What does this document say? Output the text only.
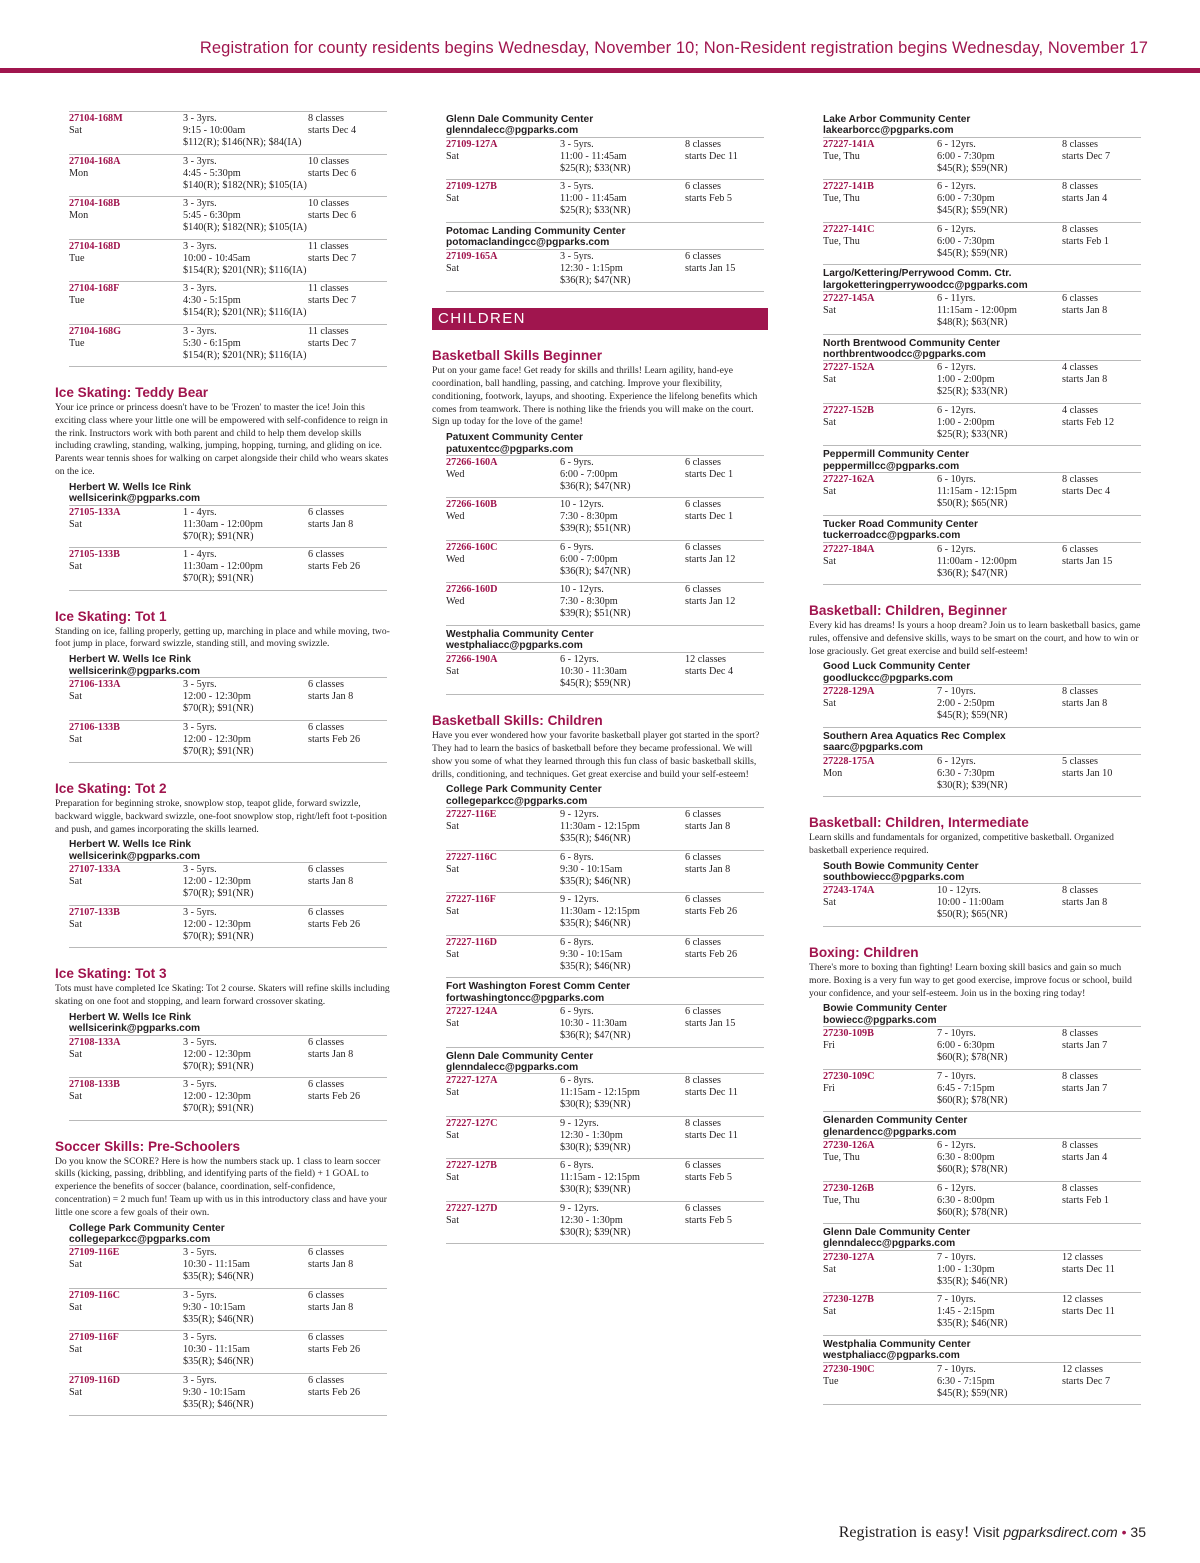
Registration for county residents begins Wednesday, November 10; Non-Resident registration begins Wednesday, November 17
27104-168M
Sat
3 - 3yrs.
9:15 - 10:00am
$112(R); $146(NR); $84(IA)
8 classes
starts Dec 4
27104-168A
Mon
3 - 3yrs.
4:45 - 5:30pm
$140(R); $182(NR); $105(IA)
10 classes
starts Dec 6
27104-168B
Mon
3 - 3yrs.
5:45 - 6:30pm
$140(R); $182(NR); $105(IA)
10 classes
starts Dec 6
27104-168D
Tue
3 - 3yrs.
10:00 - 10:45am
$154(R); $201(NR); $116(IA)
11 classes
starts Dec 7
27104-168F
Tue
3 - 3yrs.
4:30 - 5:15pm
$154(R); $201(NR); $116(IA)
11 classes
starts Dec 7
27104-168G
Tue
3 - 3yrs.
5:30 - 6:15pm
$154(R); $201(NR); $116(IA)
11 classes
starts Dec 7
Ice Skating: Teddy Bear

Your ice prince or princess doesn't have to be 'Frozen' to master the ice! Join this exciting class where your little one will be empowered with self-confidence to reign in the rink. Instructors work with both parent and child to help them develop skills including crawling, standing, walking, jumping, hopping, turning, and gliding on ice. Parents wear tennis shoes for walking on carpet alongside their child who wears skates on the ice.

Herbert W. Wells Ice Rink
wellsicerink@pgparks.com
27105-133A
Sat
1 - 4yrs.
11:30am - 12:00pm
$70(R); $91(NR)
6 classes
starts Jan 8
27105-133B
Sat
1 - 4yrs.
11:30am - 12:00pm
$70(R); $91(NR)
6 classes
starts Feb 26
Ice Skating: Tot 1

Standing on ice, falling properly, getting up, marching in place and while moving, two-foot jump in place, forward swizzle, standing still, and moving swizzle.

Herbert W. Wells Ice Rink
wellsicerink@pgparks.com
27106-133A
Sat
3 - 5yrs.
12:00 - 12:30pm
$70(R); $91(NR)
6 classes
starts Jan 8
27106-133B
Sat
3 - 5yrs.
12:00 - 12:30pm
$70(R); $91(NR)
6 classes
starts Feb 26
Ice Skating: Tot 2

Preparation for beginning stroke, snowplow stop, teapot glide, forward swizzle, backward wiggle, backward swizzle, one-foot snowplow stop, right/left foot t-position and push, and games incorporating the skills learned.

Herbert W. Wells Ice Rink
wellsicerink@pgparks.com
27107-133A
Sat
3 - 5yrs.
12:00 - 12:30pm
$70(R); $91(NR)
6 classes
starts Jan 8
27107-133B
Sat
3 - 5yrs.
12:00 - 12:30pm
$70(R); $91(NR)
6 classes
starts Feb 26
Ice Skating: Tot 3

Tots must have completed Ice Skating: Tot 2 course. Skaters will refine skills including skating on one foot and stopping, and learn forward crossover skating.

Herbert W. Wells Ice Rink
wellsicerink@pgparks.com
27108-133A
Sat
3 - 5yrs.
12:00 - 12:30pm
$70(R); $91(NR)
6 classes
starts Jan 8
27108-133B
Sat
3 - 5yrs.
12:00 - 12:30pm
$70(R); $91(NR)
6 classes
starts Feb 26
Soccer Skills: Pre-Schoolers

Do you know the SCORE? Here is how the numbers stack up. 1 class to learn soccer skills (kicking, passing, dribbling, and identifying parts of the field) + 1 GOAL to experience the benefits of soccer (balance, coordination, self-confidence, concentration) = 2 much fun! Team up with us in this introductory class and have your little one score a few goals of their own.

College Park Community Center
collegeparkcc@pgparks.com
27109-116E
Sat
3 - 5yrs.
10:30 - 11:15am
$35(R); $46(NR)
6 classes
starts Jan 8
27109-116C
Sat
3 - 5yrs.
9:30 - 10:15am
$35(R); $46(NR)
6 classes
starts Jan 8
27109-116F
Sat
3 - 5yrs.
10:30 - 11:15am
$35(R); $46(NR)
6 classes
starts Feb 26
27109-116D
Sat
3 - 5yrs.
9:30 - 10:15am
$35(R); $46(NR)
6 classes
starts Feb 26
Glenn Dale Community Center
glenndalecc@pgparks.com
27109-127A
Sat
3 - 5yrs.
11:00 - 11:45am
$25(R); $33(NR)
8 classes
starts Dec 11
27109-127B
Sat
3 - 5yrs.
11:00 - 11:45am
$25(R); $33(NR)
6 classes
starts Feb 5
Potomac Landing Community Center
potomaclandingcc@pgparks.com
27109-165A
Sat
3 - 5yrs.
12:30 - 1:15pm
$36(R); $47(NR)
6 classes
starts Jan 15
CHILDREN
Basketball Skills Beginner

Put on your game face! Get ready for skills and thrills! Learn agility, hand-eye coordination, ball handling, passing, and catching. Improve your flexibility, conditioning, footwork, layups, and shooting. Experience the lifelong benefits which comes from teamwork. There is nothing like the friends you will make on the court. Sign up today for the love of the game!

Patuxent Community Center
patuxentcc@pgparks.com
27266-160A
Wed
6 - 9yrs.
6:00 - 7:00pm
$36(R); $47(NR)
6 classes
starts Dec 1
27266-160B
Wed
10 - 12yrs.
7:30 - 8:30pm
$39(R); $51(NR)
6 classes
starts Dec 1
27266-160C
Wed
6 - 9yrs.
6:00 - 7:00pm
$36(R); $47(NR)
6 classes
starts Jan 12
27266-160D
Wed
10 - 12yrs.
7:30 - 8:30pm
$39(R); $51(NR)
6 classes
starts Jan 12
Westphalia Community Center
westphaliacc@pgparks.com
27266-190A
Sat
6 - 12yrs.
10:30 - 11:30am
$45(R); $59(NR)
12 classes
starts Dec 4
Basketball Skills: Children

Have you ever wondered how your favorite basketball player got started in the sport? They had to learn the basics of basketball before they became professional. We will show you some of what they learned through this fun class of basic basketball skills, drills, conditioning, and techniques. Get great exercise and build your self-esteem!

College Park Community Center
collegeparkcc@pgparks.com
27227-116E
Sat
9 - 12yrs.
11:30am - 12:15pm
$35(R); $46(NR)
6 classes
starts Jan 8
27227-116C
Sat
6 - 8yrs.
9:30 - 10:15am
$35(R); $46(NR)
6 classes
starts Jan 8
27227-116F
Sat
9 - 12yrs.
11:30am - 12:15pm
$35(R); $46(NR)
6 classes
starts Feb 26
27227-116D
Sat
6 - 8yrs.
9:30 - 10:15am
$35(R); $46(NR)
6 classes
starts Feb 26
Fort Washington Forest Comm Center
fortwashingtoncc@pgparks.com
27227-124A
Sat
6 - 9yrs.
10:30 - 11:30am
$36(R); $47(NR)
6 classes
starts Jan 15
Glenn Dale Community Center
glenndalecc@pgparks.com
27227-127A
Sat
6 - 8yrs.
11:15am - 12:15pm
$30(R); $39(NR)
8 classes
starts Dec 11
27227-127C
Sat
9 - 12yrs.
12:30 - 1:30pm
$30(R); $39(NR)
8 classes
starts Dec 11
27227-127B
Sat
6 - 8yrs.
11:15am - 12:15pm
$30(R); $39(NR)
6 classes
starts Feb 5
27227-127D
Sat
9 - 12yrs.
12:30 - 1:30pm
$30(R); $39(NR)
6 classes
starts Feb 5
Lake Arbor Community Center
lakearborcc@pgparks.com
27227-141A
Tue, Thu
6 - 12yrs.
6:00 - 7:30pm
$45(R); $59(NR)
8 classes
starts Dec 7
27227-141B
Tue, Thu
6 - 12yrs.
6:00 - 7:30pm
$45(R); $59(NR)
8 classes
starts Jan 4
27227-141C
Tue, Thu
6 - 12yrs.
6:00 - 7:30pm
$45(R); $59(NR)
8 classes
starts Feb 1
Largo/Kettering/Perrywood Comm. Ctr.
largoketteringperrywoodcc@pgparks.com
27227-145A
Sat
6 - 11yrs.
11:15am - 12:00pm
$48(R); $63(NR)
6 classes
starts Jan 8
North Brentwood Community Center
northbrentwoodcc@pgparks.com
27227-152A
Sat
6 - 12yrs.
1:00 - 2:00pm
$25(R); $33(NR)
4 classes
starts Jan 8
27227-152B
Sat
6 - 12yrs.
1:00 - 2:00pm
$25(R); $33(NR)
4 classes
starts Feb 12
Peppermill Community Center
peppermillcc@pgparks.com
27227-162A
Sat
6 - 10yrs.
11:15am - 12:15pm
$50(R); $65(NR)
8 classes
starts Dec 4
Tucker Road Community Center
tuckerroadcc@pgparks.com
27227-184A
Sat
6 - 12yrs.
11:00am - 12:00pm
$36(R); $47(NR)
6 classes
starts Jan 15
Basketball: Children, Beginner

Every kid has dreams! Is yours a hoop dream? Join us to learn basketball basics, game rules, offensive and defensive skills, ways to be smart on the court, and how to win or lose graciously. Get great exercise and build self-esteem!

Good Luck Community Center
goodluckcc@pgparks.com
27228-129A
Sat
7 - 10yrs.
2:00 - 2:50pm
$45(R); $59(NR)
8 classes
starts Jan 8
Southern Area Aquatics Rec Complex
saarc@pgparks.com
27228-175A
Mon
6 - 12yrs.
6:30 - 7:30pm
$30(R); $39(NR)
5 classes
starts Jan 10
Basketball: Children, Intermediate

Learn skills and fundamentals for organized, competitive basketball. Organized basketball experience required.

South Bowie Community Center
southbowiecc@pgparks.com
27243-174A
Sat
10 - 12yrs.
10:00 - 11:00am
$50(R); $65(NR)
8 classes
starts Jan 8
Boxing: Children

There's more to boxing than fighting! Learn boxing skill basics and gain so much more. Boxing is a very fun way to get good exercise, improve focus or school, build your confidence, and your self-esteem. Join us in the boxing ring today!

Bowie Community Center
bowiecc@pgparks.com
27230-109B
Fri
7 - 10yrs.
6:00 - 6:30pm
$60(R); $78(NR)
8 classes
starts Jan 7
27230-109C
Fri
7 - 10yrs.
6:45 - 7:15pm
$60(R); $78(NR)
8 classes
starts Jan 7
Glenarden Community Center
glenardencc@pgparks.com
27230-126A
Tue, Thu
6 - 12yrs.
6:30 - 8:00pm
$60(R); $78(NR)
8 classes
starts Jan 4
27230-126B
Tue, Thu
6 - 12yrs.
6:30 - 8:00pm
$60(R); $78(NR)
8 classes
starts Feb 1
Glenn Dale Community Center
glenndalecc@pgparks.com
27230-127A
Sat
7 - 10yrs.
1:00 - 1:30pm
$35(R); $46(NR)
12 classes
starts Dec 11
27230-127B
Sat
7 - 10yrs.
1:45 - 2:15pm
$35(R); $46(NR)
12 classes
starts Dec 11
Westphalia Community Center
westphaliacc@pgparks.com
27230-190C
Tue
7 - 10yrs.
6:30 - 7:15pm
$45(R); $59(NR)
12 classes
starts Dec 7
Registration is easy! Visit pgparksdirect.com • 35
